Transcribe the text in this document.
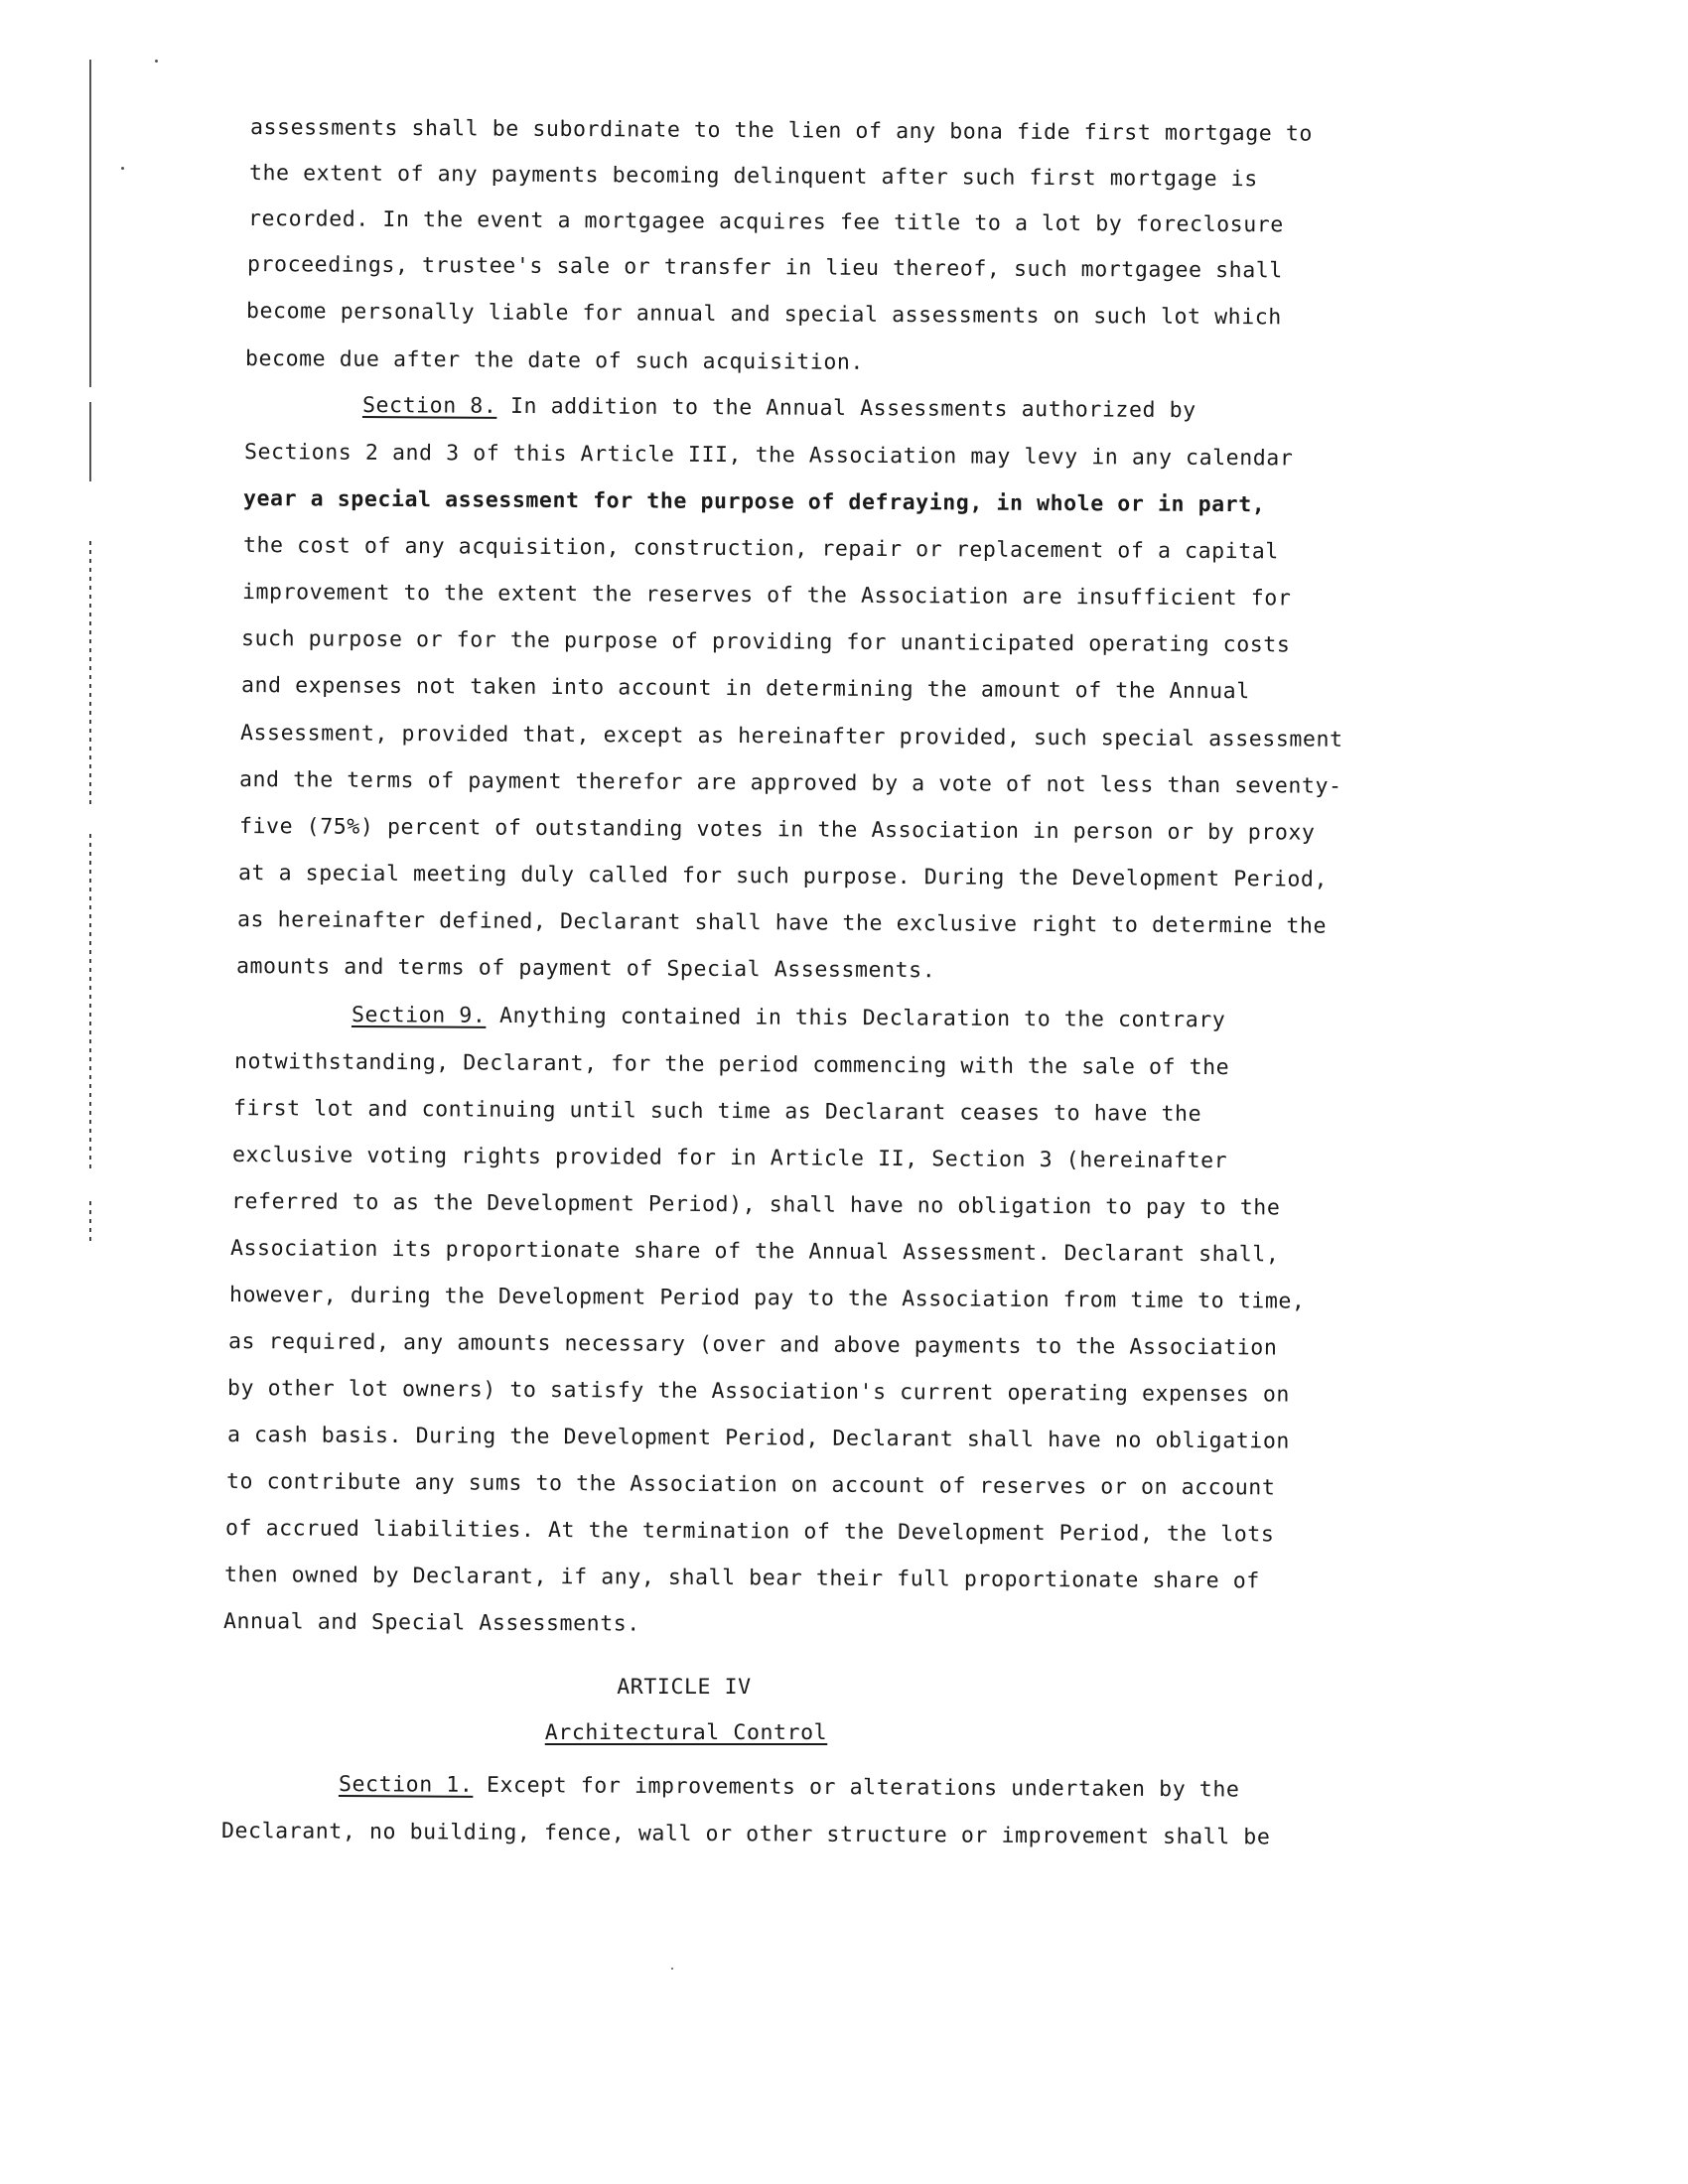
assessments shall be subordinate to the lien of any bona fide first mortgage to
the extent of any payments becoming delinquent after such first mortgage is
recorded. In the event a mortgagee acquires fee title to a lot by foreclosure
proceedings, trustee's sale or transfer in lieu thereof, such mortgagee shall
become personally liable for annual and special assessments on such lot which
become due after the date of such acquisition.
Section 8. In addition to the Annual Assessments authorized by
Sections 2 and 3 of this Article III, the Association may levy in any calendar
year a special assessment for the purpose of defraying, in whole or in part,
the cost of any acquisition, construction, repair or replacement of a capital
improvement to the extent the reserves of the Association are insufficient for
such purpose or for the purpose of providing for unanticipated operating costs
and expenses not taken into account in determining the amount of the Annual
Assessment, provided that, except as hereinafter provided, such special assessment
and the terms of payment therefor are approved by a vote of not less than seventy-
five (75%) percent of outstanding votes in the Association in person or by proxy
at a special meeting duly called for such purpose. During the Development Period,
as hereinafter defined, Declarant shall have the exclusive right to determine the
amounts and terms of payment of Special Assessments.
Section 9. Anything contained in this Declaration to the contrary
notwithstanding, Declarant, for the period commencing with the sale of the
first lot and continuing until such time as Declarant ceases to have the
exclusive voting rights provided for in Article II, Section 3 (hereinafter
referred to as the Development Period), shall have no obligation to pay to the
Association its proportionate share of the Annual Assessment. Declarant shall,
however, during the Development Period pay to the Association from time to time,
as required, any amounts necessary (over and above payments to the Association
by other lot owners) to satisfy the Association's current operating expenses on
a cash basis. During the Development Period, Declarant shall have no obligation
to contribute any sums to the Association on account of reserves or on account
of accrued liabilities. At the termination of the Development Period, the lots
then owned by Declarant, if any, shall bear their full proportionate share of
Annual and Special Assessments.
ARTICLE IV
Architectural Control
Section 1. Except for improvements or alterations undertaken by the
Declarant, no building, fence, wall or other structure or improvement shall be
